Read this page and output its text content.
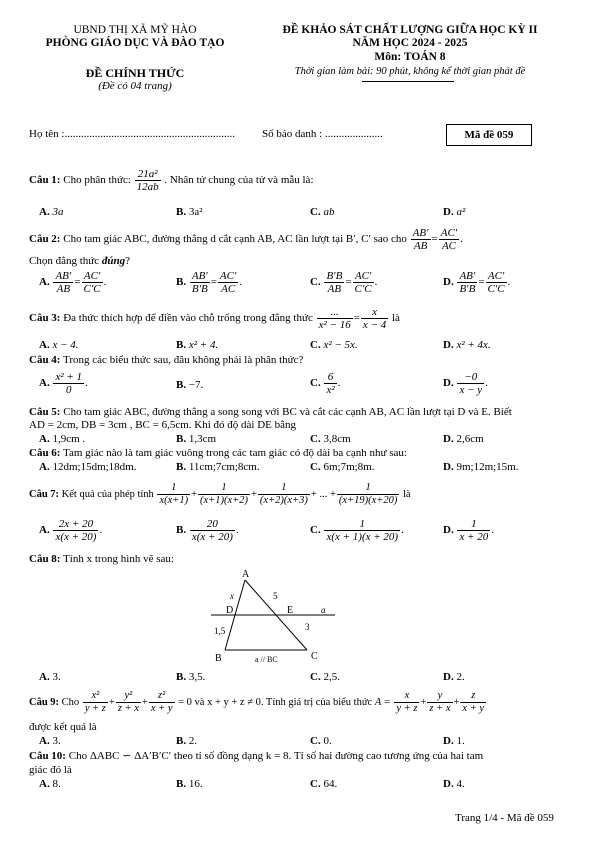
UBND THỊ XÃ MỸ HÀO
PHÒNG GIÁO DỤC VÀ ĐÀO TẠO
ĐỀ CHÍNH THỨC
(Đề có 04 trang)
ĐỀ KHẢO SÁT CHẤT LƯỢNG GIỮA HỌC KỲ II
NĂM HỌC 2024 - 2025
Môn: TOÁN 8
Thời gian làm bài: 90 phút, không kể thời gian phát đề
Họ tên :.............................................................. Số báo danh : .....................	Mã đề 059
Câu 1: Cho phân thức: $\frac{\text{21a²}}{12ab}$ . Nhân tử chung của tử và mẫu là:
A. 3a	B. 3a²	C. ab	D. a²
Câu 2: Cho tam giác ABC, đường thẳng d cắt cạnh AB, AC lần lượt tại B′, C′ sao cho $\frac{AB'}{AB} = \frac{AC'}{AC}$ .
Chọn đẳng thức đúng?
A. $\frac{AB'}{AB} = \frac{AC'}{C'C}$ .	B. $\frac{AB'}{B'B} = \frac{AC'}{AC}$ .	C. $\frac{B'B}{AB} = \frac{AC'}{C'C}$ .	D. $\frac{AB'}{B'B} = \frac{AC'}{C'C}$ .
Câu 3: Đa thức thích hợp để điền vào chỗ trống trong đẳng thức $\frac{...}{\text{x² − 16}} = \frac{x}{x - 4}$ là
A. x − 4.	B. x² + 4.	C. x² − 5x.	D. x² + 4x.
Câu 4: Trong các biểu thức sau, đâu không phải là phân thức?
A. $\frac{\text{x² + 1}}{0}$ .	B. −7.	C. $\frac{6}{\text{x²}}$ .	D. $\frac{-0}{x - y}$ .
Câu 5: Cho tam giác ABC, đường thẳng a song song với BC và cắt các cạnh AB, AC lần lượt tại D và E. Biết
AD = 2cm, DB = 3cm , BC = 6,5cm. Khi đó độ dài DE bằng
A. 1,9cm .	B. 1,3cm	C. 3,8cm	D. 2,6cm
Câu 6: Tam giác nào là tam giác vuông trong các tam giác có độ dài ba cạnh như sau:
A. 12dm;15dm;18dm.	B. 11cm;7cm;8cm.	C. 6m;7m;8m.	D. 9m;12m;15m.
Câu 7: Kết quả của phép tính $\frac{1}{x(x+1)} + \frac{1}{(x+1)(x+2)} + \frac{1}{(x+2)(x+3)}$ + ... + $\frac{1}{(x+19)(x+20)}$ là
A. $\frac{2x + 20}{x(x + 20)}$ .	B. $\frac{20}{x(x + 20)}$ .	C. $\frac{1}{x(x + 1)(x + 20)}$ .	D. $\frac{1}{x + 20}$ .
Câu 8: Tính x trong hình vẽ sau:
A
B	C
D	E	a
x	5
3
1,5
a // BC
A. 3.	B. 3,5.	C. 2,5.	D. 2.
Câu 9: Cho $\frac{\text{x²}}{y + z} + \frac{\text{y²}}{z + x} + \frac{\text{z²}}{x + y} = 0$ và x + y + z ≠ 0. Tính giá trị của biểu thức $A = \frac{x}{y + z} + \frac{y}{z + x} + \frac{z}{x + y}$
được kết quả là
A. 3.	B. 2.	C. 0.	D. 1.
Câu 10: Cho ΔABC ∽ ΔA′B′C′ theo tỉ số đồng dạng k = 8. Tỉ số hai đường cao tương ứng của hai tam
giác đó là
A. 8.	B. 16.	C. 64.	D. 4.
Trang 1/4 - Mã đề 059
